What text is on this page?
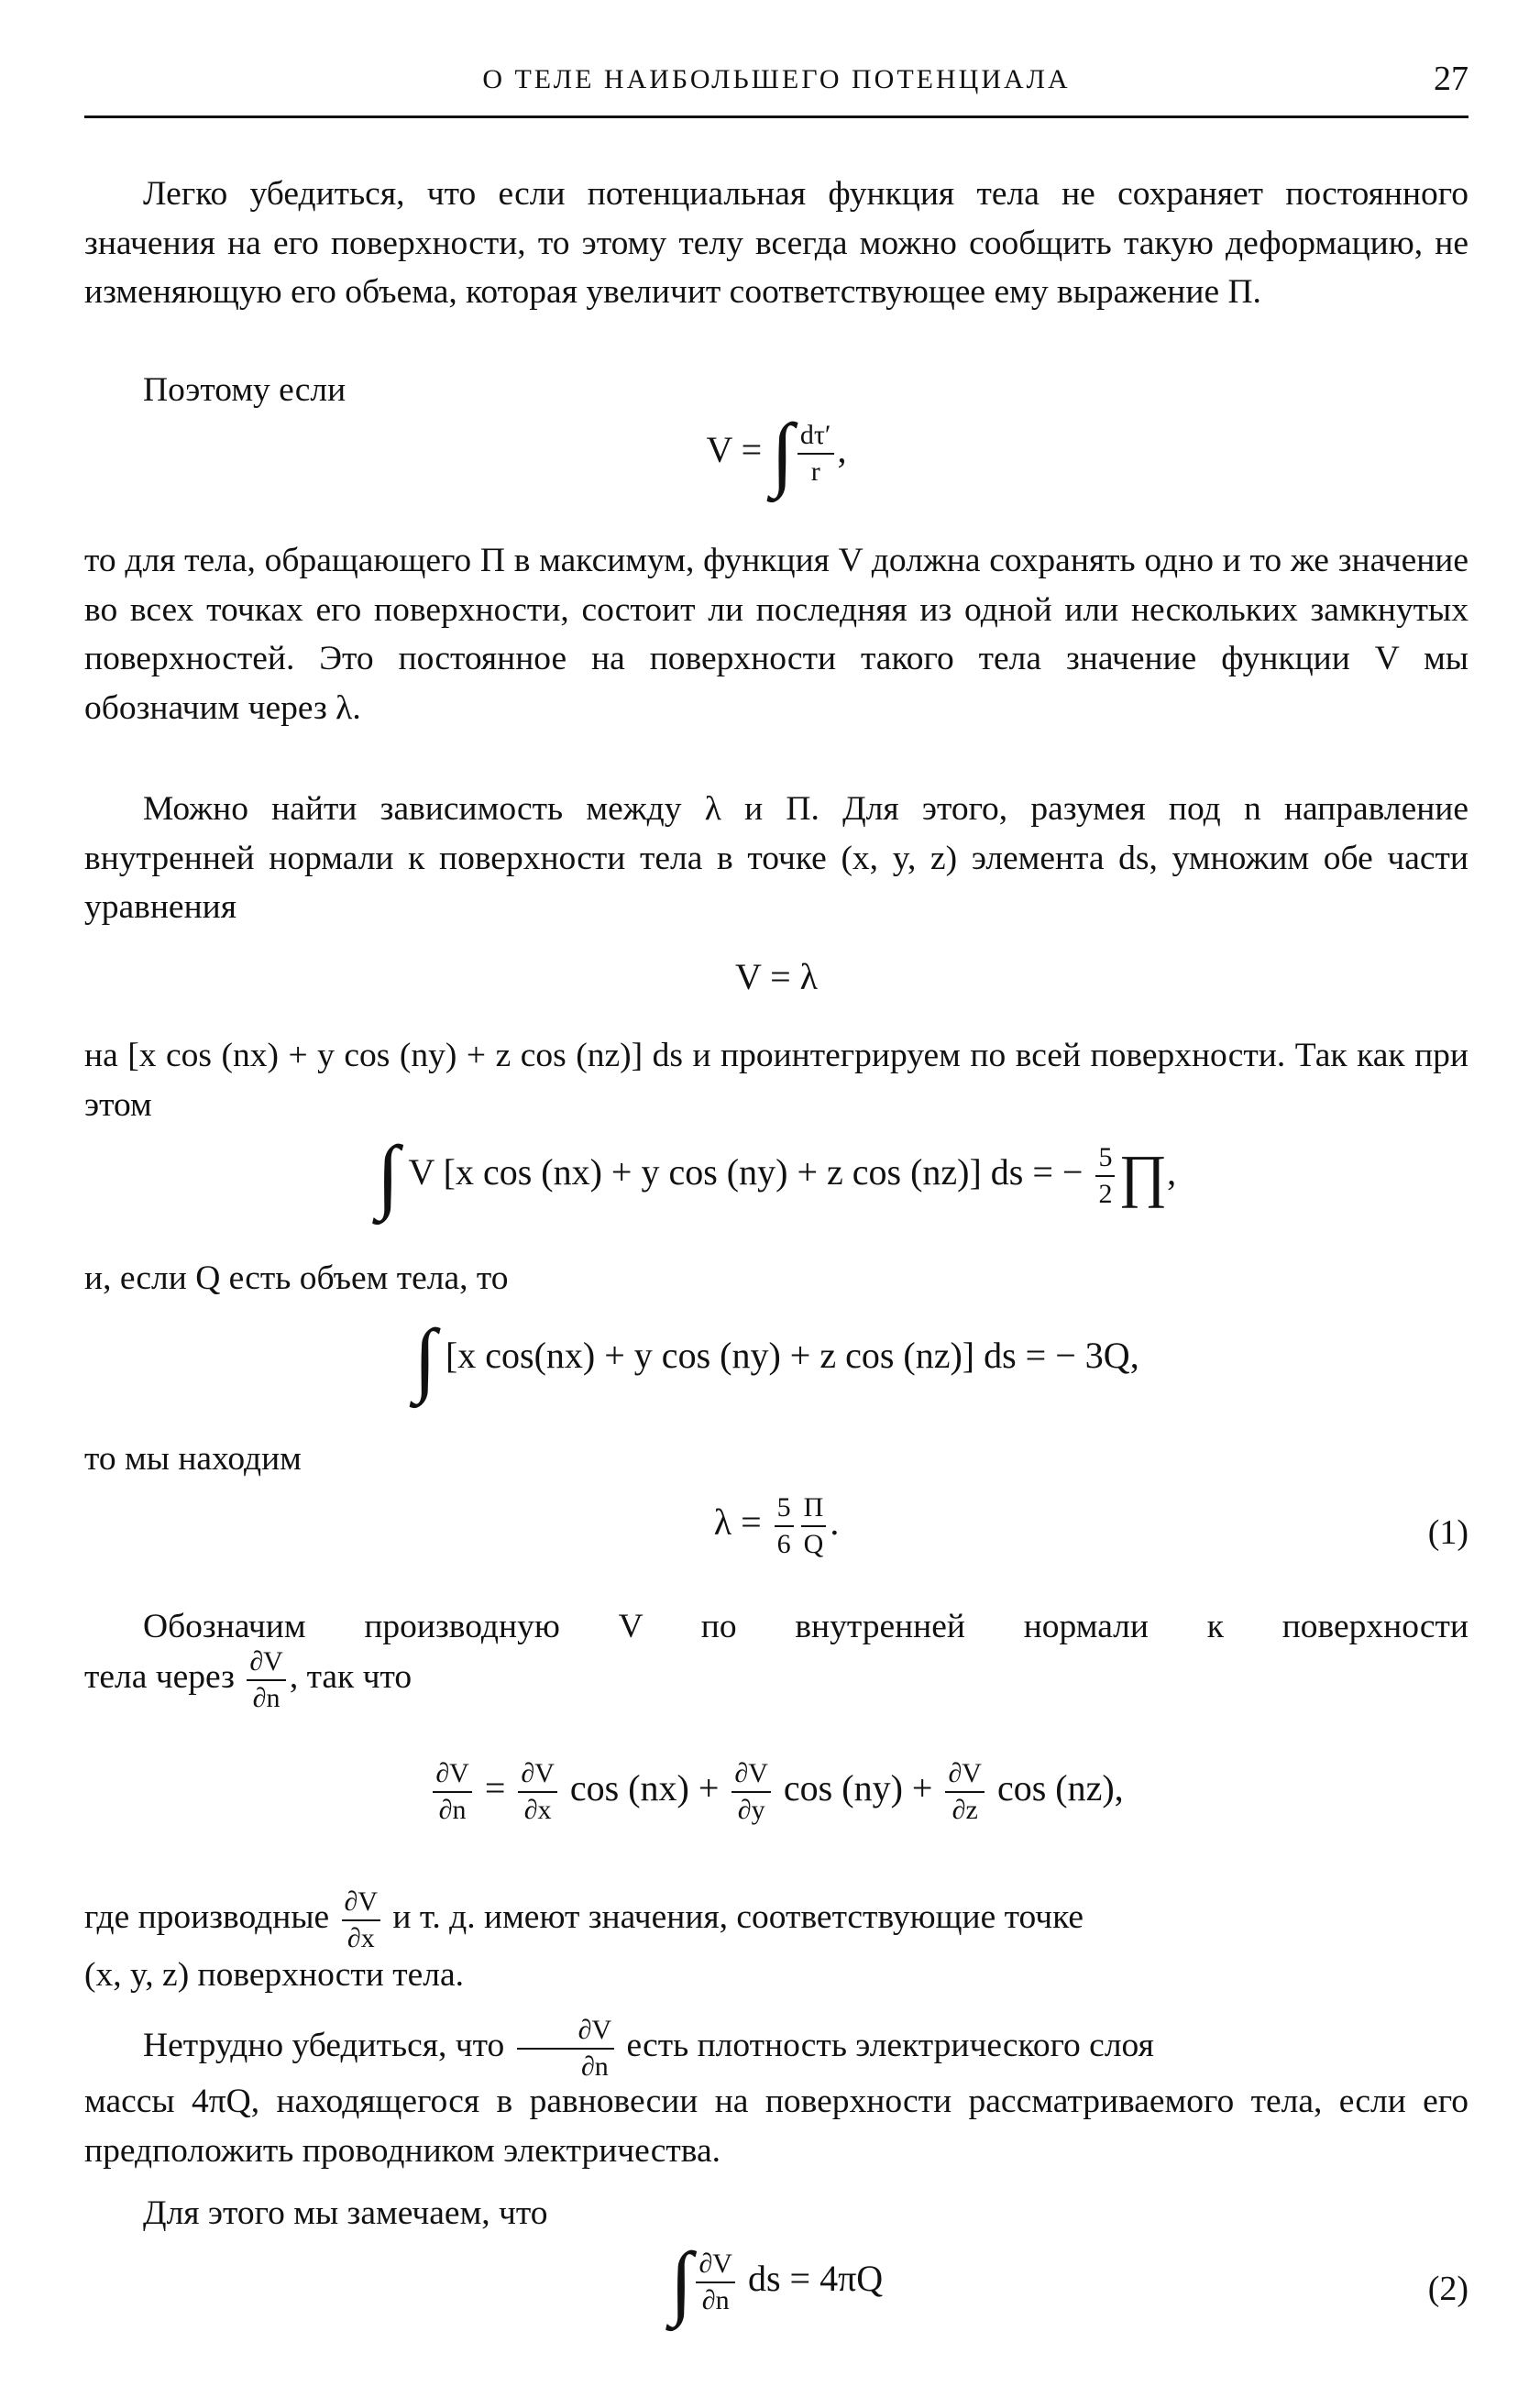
О ТЕЛЕ НАИБОЛЬШЕГО ПОТЕНЦИАЛА	27

Легко убедиться, что если потенциальная функция тела не сохраняет постоянного значения на его поверхности, то этому телу всегда можно сообщить такую деформацию, не изменяющую его объема, которая увеличит соответствующее ему выражение П.

Поэтому если

V = ∫ $\frac{d\tau'}{r}$ ,

то для тела, обращающего П в максимум, функция V должна сохранять одно и то же значение во всех точках его поверхности, состоит ли последняя из одной или нескольких замкнутых поверхностей. Это постоянное на поверхности такого тела значение функции V мы обозначим через λ.

Можно найти зависимость между λ и П. Для этого, разумея под n направление внутренней нормали к поверхности тела в точке (x, y, z) элемента ds, умножим обе части уравнения

V = λ

на [x cos (nx) + y cos (ny) + z cos (nz)] ds и проинтегрируем по всей поверхности. Так как при этом

∫ V [x cos (nx) + y cos (ny) + z cos (nz)] ds = − $\frac{5}{2}$ ∏,

и, если Q есть объем тела, то

∫ [x cos(nx) + y cos (ny) + z cos (nz)] ds = − 3Q,

то мы находим

$\lambda = \frac{5}{6} \frac{П}{Q}$ .	(1)

Обозначим производную V по внутренней нормали к поверхности

тела через $\frac{\partial V}{\partial n}$ , так что
$\frac{\partial V}{\partial n} = \frac{\partial V}{\partial x}$ $\cos (nx) + \frac{\partial V}{\partial y}$ $\cos (ny) + \frac{\partial V}{\partial z}$ cos (nz),
где производные $\frac{\partial V}{\partial x}$ и т. д. имеют значения, соответствующие точке

(x, y, z) поверхности тела.

Нетрудно убедиться, что $\frac{\partial V}{\partial n}$ есть плотность электрического слоя

массы 4πQ, находящегося в равновесии на поверхности рассматриваемого тела, если его предположить проводником электричества.

Для этого мы замечаем, что

∫ $\frac{\partial V}{\partial n}$ ds = 4πQ	(2)
